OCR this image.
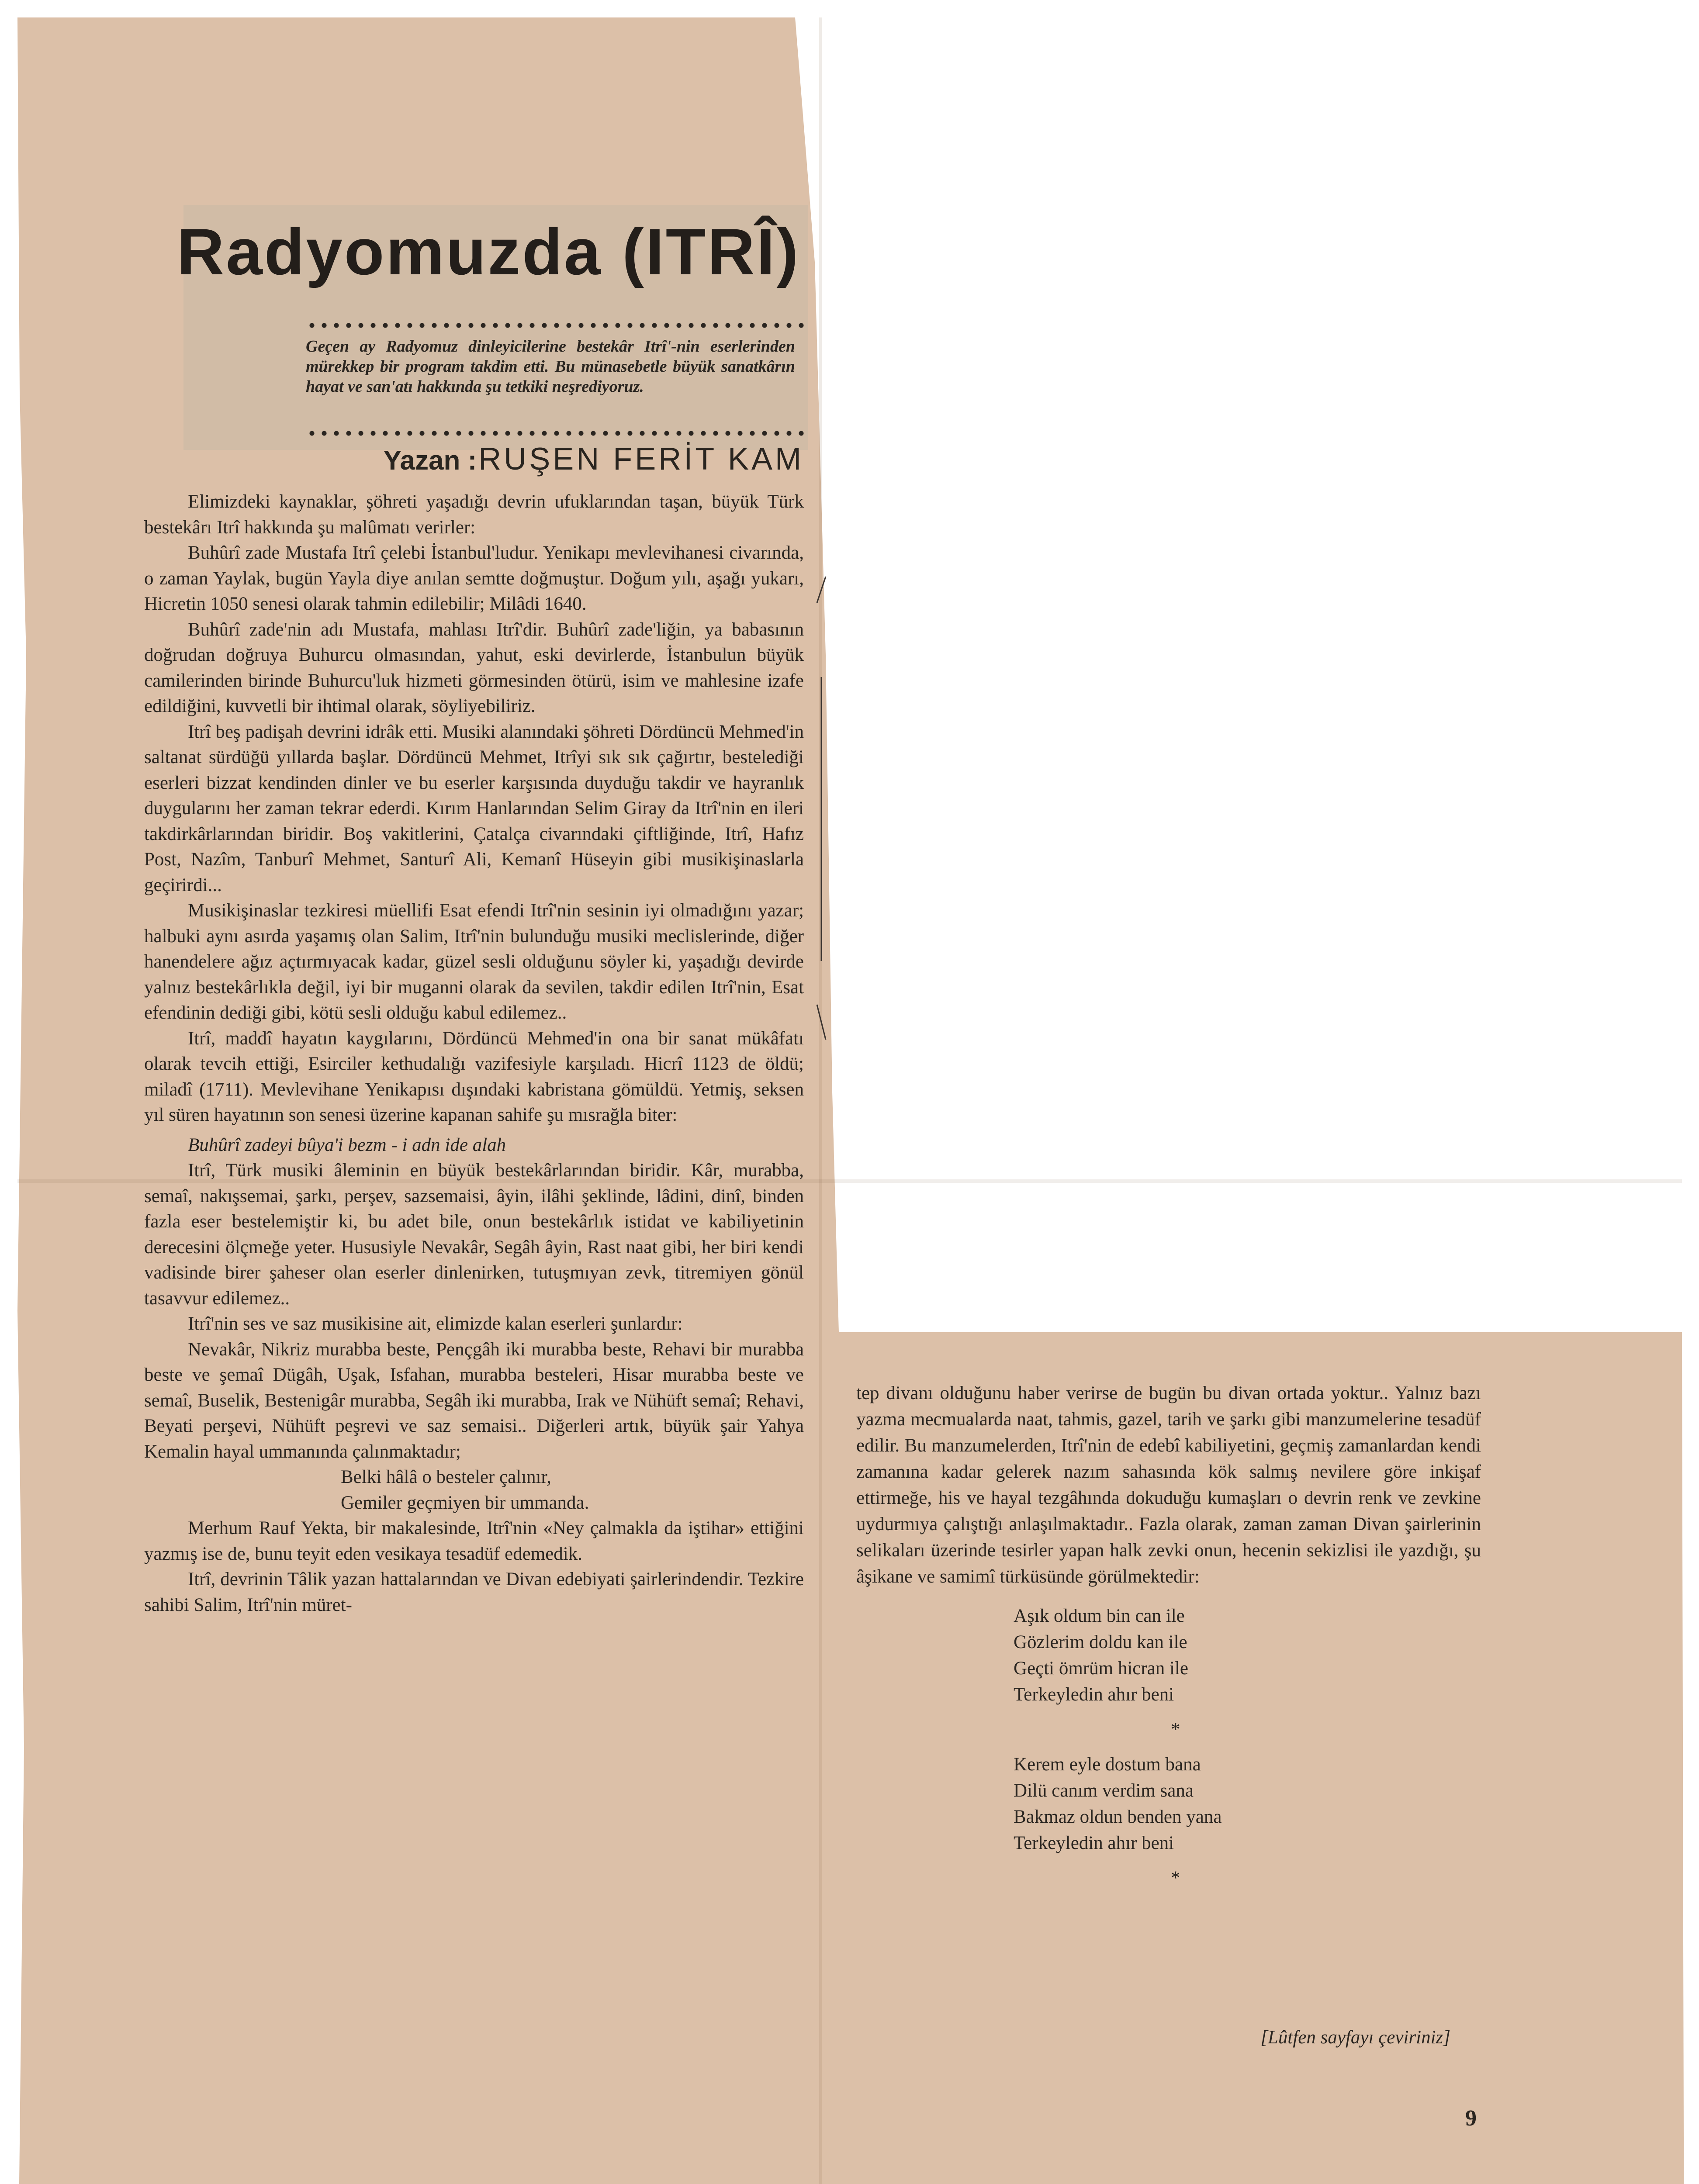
Radyomuzda (ITRÎ)
Geçen ay Radyomuz dinleyicilerine bestekâr Itrî'-nin eserlerinden mürekkep bir program takdim etti. Bu münasebetle büyük sanatkârın hayat ve san'atı hakkında şu tetkiki neşrediyoruz.
Yazan : RUŞEN FERİT KAM

Elimizdeki kaynaklar, şöhreti yaşadığı devrin ufuklarından taşan, büyük Türk bestekârı Itrî hakkında şu malûmatı verirler:

Buhûrî zade Mustafa Itrî çelebi İstanbul'ludur. Yenikapı mevlevihanesi civarında, o zaman Yaylak, bugün Yayla diye anılan semtte doğmuştur. Doğum yılı, aşağı yukarı, Hicretin 1050 senesi olarak tahmin edilebilir; Milâdi 1640.

Buhûrî zade'nin adı Mustafa, mahlası Itrî'dir. Buhûrî zade'liğin, ya babasının doğrudan doğruya Buhurcu olmasından, yahut, eski devirlerde, İstanbulun büyük camilerinden birinde Buhurcu'luk hizmeti görmesinden ötürü, isim ve mahlesine izafe edildiğini, kuvvetli bir ihtimal olarak, söyliyebiliriz.

Itrî beş padişah devrini idrâk etti. Musiki alanındaki şöhreti Dördüncü Mehmed'in saltanat sürdüğü yıllarda başlar. Dördüncü Mehmet, Itrîyi sık sık çağırtır, bestelediği eserleri bizzat kendinden dinler ve bu eserler karşısında duyduğu takdir ve hayranlık duygularını her zaman tekrar ederdi. Kırım Hanlarından Selim Giray da Itrî'nin en ileri takdirkârlarından biridir. Boş vakitlerini, Çatalça civarındaki çiftliğinde, Itrî, Hafız Post, Nazîm, Tanburî Mehmet, Santurî Ali, Kemanî Hüseyin gibi musikişinaslarla geçirirdi...

Musikişinaslar tezkiresi müellifi Esat efendi Itrî'nin sesinin iyi olmadığını yazar; halbuki aynı asırda yaşamış olan Salim, Itrî'nin bulunduğu musiki meclislerinde, diğer hanendelere ağız açtırmıyacak kadar, güzel sesli olduğunu söyler ki, yaşadığı devirde yalnız bestekârlıkla değil, iyi bir muganni olarak da sevilen, takdir edilen Itrî'nin, Esat efendinin dediği gibi, kötü sesli olduğu kabul edilemez..

Itrî, maddî hayatın kaygılarını, Dördüncü Mehmed'in ona bir sanat mükâfatı olarak tevcih ettiği, Esirciler kethudalığı vazifesiyle karşıladı. Hicrî 1123 de öldü; miladî (1711). Mevlevihane Yenikapısı dışındaki kabristana gömüldü. Yetmiş, seksen yıl süren hayatının son senesi üzerine kapanan sahife şu mısrağla biter:

Buhûrî zadeyi bûya'i bezm - i adn ide alah

Itrî, Türk musiki âleminin en büyük bestekârlarından biridir. Kâr, murabba, semaî, nakışsemai, şarkı, perşev, sazsemaisi, âyin, ilâhi şeklinde, lâdini, dinî, binden fazla eser bestelemiştir ki, bu adet bile, onun bestekârlık istidat ve kabiliyetinin derecesini ölçmeğe yeter. Hususiyle Nevakâr, Segâh âyin, Rast naat gibi, her biri kendi vadisinde birer şaheser olan eserler dinlenirken, tutuşmıyan zevk, titremiyen gönül tasavvur edilemez..

Itrî'nin ses ve saz musikisine ait, elimizde kalan eserleri şunlardır:

Nevakâr, Nikriz murabba beste, Pençgâh iki murabba beste, Rehavi bir murabba beste ve şemaî Dügâh, Uşak, Isfahan, murabba besteleri, Hisar murabba beste ve semaî, Buselik, Bestenigâr murabba, Segâh iki murabba, Irak ve Nühüft semaî; Rehavi, Beyati perşevi, Nühüft peşrevi ve saz semaisi.. Diğerleri artık, büyük şair Yahya Kemalin hayal ummanında çalınmaktadır;

Belki hâlâ o besteler çalınır,

Gemiler geçmiyen bir ummanda.

Merhum Rauf Yekta, bir makalesinde, Itrî'nin «Ney çalmakla da iştihar» ettiğini yazmış ise de, bunu teyit eden vesikaya tesadüf edemedik.

Itrî, devrinin Tâlik yazan hattalarından ve Divan edebiyati şairlerindendir. Tezkire sahibi Salim, Itrî'nin müret-

tep divanı olduğunu haber verirse de bugün bu divan ortada yoktur.. Yalnız bazı yazma mecmualarda naat, tahmis, gazel, tarih ve şarkı gibi manzumelerine tesadüf edilir. Bu manzumelerden, Itrî'nin de edebî kabiliyetini, geçmiş zamanlardan kendi zamanına kadar gelerek nazım sahasında kök salmış nevilere göre inkişaf ettirmeğe, his ve hayal tezgâhında dokuduğu kumaşları o devrin renk ve zevkine uydurmıya çalıştığı anlaşılmaktadır.. Fazla olarak, zaman zaman Divan şairlerinin selikaları üzerinde tesirler yapan halk zevki onun, hecenin sekizlisi ile yazdığı, şu âşikane ve samimî türküsünde görülmektedir:

Aşık oldum bin can ile
Gözlerim doldu kan ile
Geçti ömrüm hicran ile
Terkeyledin ahır beni
*
Kerem eyle dostum bana
Dilü canım verdim sana
Bakmaz oldun benden yana
Terkeyledin ahır beni
*
[Lûtfen sayfayı çeviriniz]
9
